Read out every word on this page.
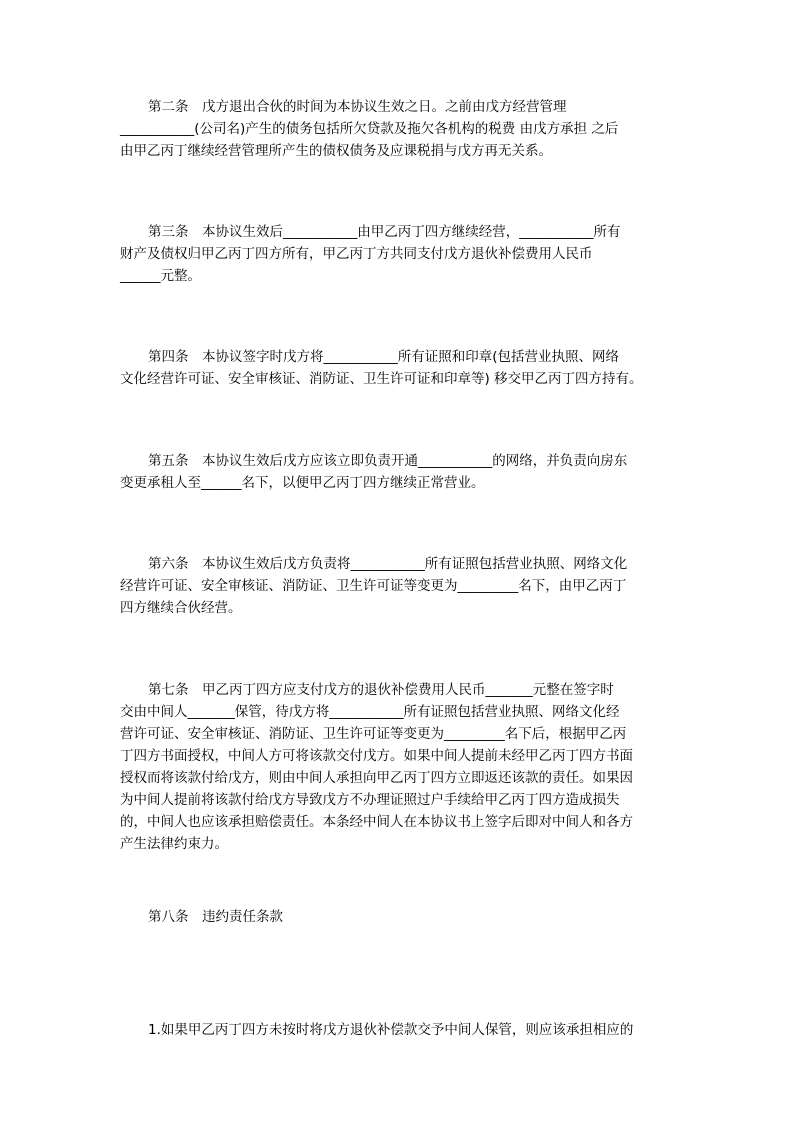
第二条　戊方退出合伙的时间为本协议生效之日。之前由戊方经营管理
___________(公司名)产生的债务包括所欠贷款及拖欠各机构的税费 由戊方承担 之后
由甲乙丙丁继续经营管理所产生的债权债务及应课税捐与戊方再无关系。

第三条　本协议生效后___________由甲乙丙丁四方继续经营，___________所有
财产及债权归甲乙丙丁四方所有，甲乙丙丁方共同支付戊方退伙补偿费用人民币
______元整。

第四条　本协议签字时戊方将___________所有证照和印章(包括营业执照、网络
文化经营许可证、安全审核证、消防证、卫生许可证和印章等) 移交甲乙丙丁四方持有。

第五条　本协议生效后戊方应该立即负责开通___________的网络，并负责向房东
变更承租人至______名下，以便甲乙丙丁四方继续正常营业。

第六条　本协议生效后戊方负责将___________所有证照包括营业执照、网络文化
经营许可证、安全审核证、消防证、卫生许可证等变更为_________名下，由甲乙丙丁
四方继续合伙经营。

第七条　甲乙丙丁四方应支付戊方的退伙补偿费用人民币_______元整在签字时
交由中间人_______保管，待戊方将___________所有证照包括营业执照、网络文化经
营许可证、安全审核证、消防证、卫生许可证等变更为_________名下后，根据甲乙丙
丁四方书面授权，中间人方可将该款交付戊方。如果中间人提前未经甲乙丙丁四方书面
授权而将该款付给戊方，则由中间人承担向甲乙丙丁四方立即返还该款的责任。如果因
为中间人提前将该款付给戊方导致戊方不办理证照过户手续给甲乙丙丁四方造成损失
的，中间人也应该承担赔偿责任。本条经中间人在本协议书上签字后即对中间人和各方
产生法律约束力。

第八条　违约责任条款

1.如果甲乙丙丁四方未按时将戊方退伙补偿款交予中间人保管，则应该承担相应的
